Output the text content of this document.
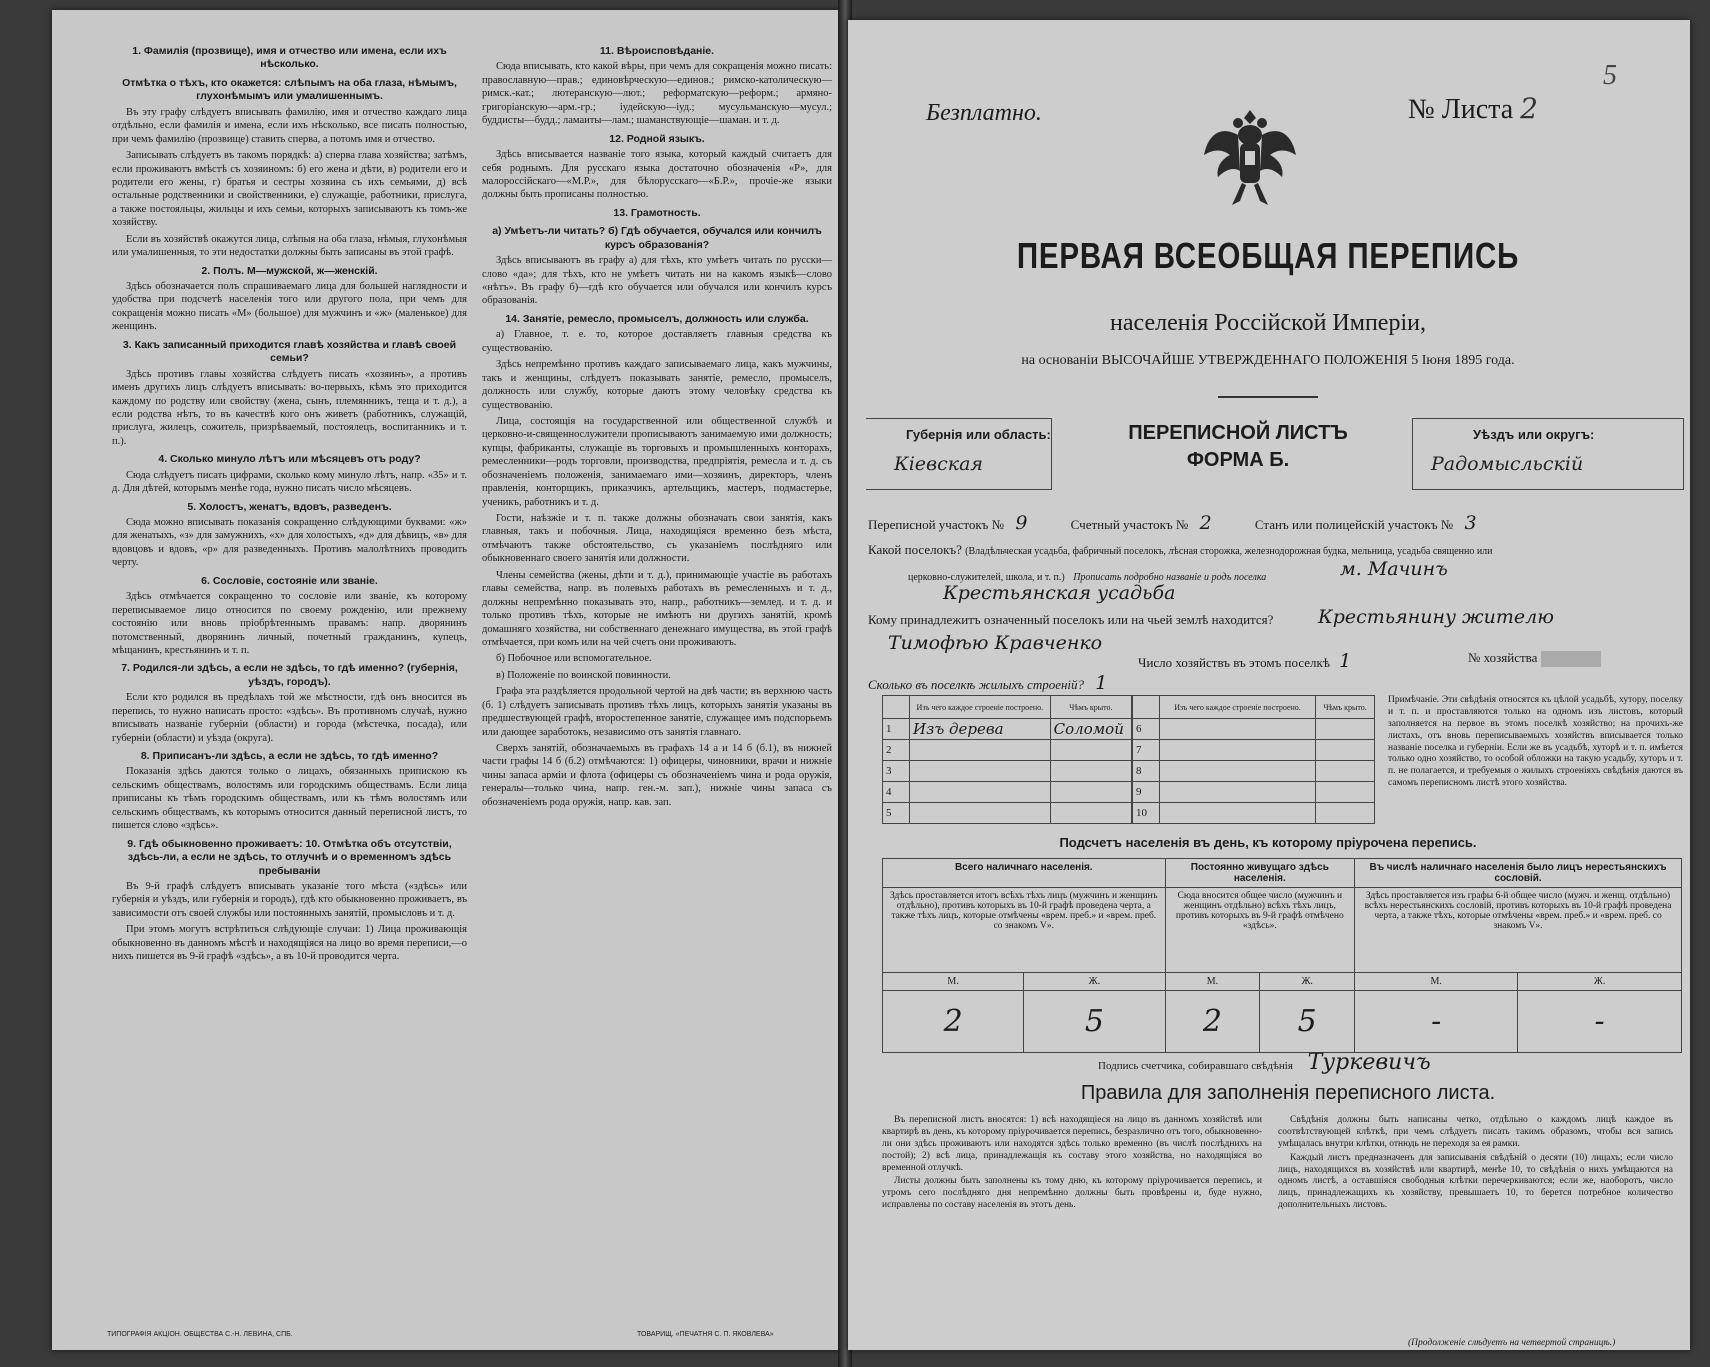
1. Фамилія (прозвище), имя и отчество или имена, если ихъ нѣсколько.
Отмѣтка о тѣхъ, кто окажется: слѣпымъ на оба глаза, нѣмымъ, глухонѣмымъ или умалишеннымъ.

Въ эту графу слѣдуетъ вписывать фамилію, имя и отчество каждаго лица отдѣльно, если фамилія и имена, если ихъ нѣсколько, все писать полностью, при чемъ фамилію (прозвище) ставить сперва, а потомъ имя и отчество.

Записывать слѣдуетъ въ такомъ порядкѣ: а) сперва глава хозяйства; затѣмъ, если проживаютъ вмѣстѣ съ хозяиномъ: б) его жена и дѣти, в) родители его и родители его жены, г) братья и сестры хозяина съ ихъ семьями, д) всѣ остальные родственники и свойственники, е) служащіе, работники, прислуга, а также постояльцы, жильцы и ихъ семьи, которыхъ записываютъ къ томъ-же хозяйству.

Если въ хозяйствѣ окажутся лица, слѣпыя на оба глаза, нѣмыя, глухонѣмыя или умалишенныя, то эти недостатки должны быть записаны въ этой графѣ.

2. Полъ. М—мужской, ж—женскій.

Здѣсь обозначается полъ спрашиваемаго лица для большей наглядности и удобства при подсчетѣ населенія того или другого пола, при чемъ для сокращенія можно писать «М» (большое) для мужчинъ и «ж» (маленькое) для женщинъ.

3. Какъ записанный приходится главѣ хозяйства и главѣ своей семьи?

Здѣсь противъ главы хозяйства слѣдуетъ писать «хозяинъ», а противъ именъ другихъ лицъ слѣдуетъ вписывать: во-первыхъ, кѣмъ это приходится каждому по родству или свойству (жена, сынъ, племянникъ, теща и т. д.), а если родства нѣтъ, то въ качествѣ кого онъ живетъ (работникъ, служащій, прислуга, жилецъ, сожитель, призрѣваемый, постоялецъ, воспитанникъ и т. п.).

4. Сколько минуло лѣтъ или мѣсяцевъ отъ роду?

Сюда слѣдуетъ писать цифрами, сколько кому минуло лѣтъ, напр. «35» и т. д. Для дѣтей, которымъ менѣе года, нужно писать число мѣсяцевъ.

5. Холостъ, женатъ, вдовъ, разведенъ.

Сюда можно вписывать показанія сокращенно слѣдующими буквами: «ж» для женатыхъ, «з» для замужнихъ, «х» для холостыхъ, «д» для дѣвицъ, «в» для вдовцовъ и вдовъ, «р» для разведенныхъ. Противъ малолѣтнихъ проводить черту.

6. Сословіе, состояніе или званіе.

Здѣсь отмѣчается сокращенно то сословіе или званіе, къ которому переписываемое лицо относится по своему рожденію, или прежнему состоянію или вновь пріобрѣтеннымъ правамъ: напр. дворянинъ потомственный, дворянинъ личный, почетный гражданинъ, купецъ, мѣщанинъ, крестьянинъ и т. п.

7. Родился-ли здѣсь, а если не здѣсь, то гдѣ именно? (губернія, уѣздъ, городъ).

Если кто родился въ предѣлахъ той же мѣстности, гдѣ онъ вносится въ перепись, то нужно написать просто: «здѣсь». Въ противномъ случаѣ, нужно вписывать названіе губерніи (области) и города (мѣстечка, посада), или губерніи (области) и уѣзда (округа).

8. Приписанъ-ли здѣсь, а если не здѣсь, то гдѣ именно?

Показанія здѣсь даются только о лицахъ, обязанныхъ припискою къ сельскимъ обществамъ, волостямъ или городскимъ обществамъ. Если лица приписаны къ тѣмъ городскимъ обществамъ, или къ тѣмъ волостямъ или сельскимъ обществамъ, къ которымъ относится данный переписной листъ, то пишется слово «здѣсь».

9. Гдѣ обыкновенно проживаетъ: 10. Отмѣтка объ отсутствіи, здѣсь-ли, а если не здѣсь, то отлучнѣ и о временномъ здѣсь пребываніи

Въ 9-й графѣ слѣдуетъ вписывать указаніе того мѣста («здѣсь» или губернія и уѣздъ, или губернія и городъ), гдѣ кто обыкновенно проживаетъ, въ зависимости отъ своей службы или постоянныхъ занятій, промысловъ и т. д.

При этомъ могутъ встрѣтиться слѣдующіе случаи: 1) Лица проживающія обыкновенно въ данномъ мѣстѣ и находящіяся на лицо во время переписи,—о нихъ пишется въ 9-й графѣ «здѣсь», а въ 10-й проводится черта.

11. Вѣроисповѣданіе.

Сюда вписывать, кто какой вѣры, при чемъ для сокращенія можно писать: православную—прав.; единовѣрческую—единов.; римско-католическую—римск.-кат.; лютеранскую—лют.; реформатскую—реформ.; армяно-григоріанскую—арм.-гр.; іудейскую—іуд.; мусульманскую—мусул.; буддисты—будд.; ламаиты—лам.; шаманствующіе—шаман. и т. д.

12. Родной языкъ.

Здѣсь вписывается названіе того языка, который каждый считаетъ для себя роднымъ. Для русскаго языка достаточно обозначенія «Р», для малороссійскаго—«М.Р.», для бѣлорусскаго—«Б.Р.», прочіе-же языки должны быть прописаны полностью.

13. Грамотность.
а) Умѣетъ-ли читать? б) Гдѣ обучается, обучался или кончилъ курсъ образованія?

Здѣсь вписываютъ въ графу а) для тѣхъ, кто умѣетъ читать по русски—слово «да»; для тѣхъ, кто не умѣетъ читать ни на какомъ языкѣ—слово «нѣтъ». Въ графу б)—гдѣ кто обучается или обучался или кончилъ курсъ образованія.

14. Занятіе, ремесло, промыселъ, должность или служба.

а) Главное, т. е. то, которое доставляетъ главныя средства къ существованію.

Здѣсь непремѣнно противъ каждаго записываемаго лица, какъ мужчины, такъ и женщины, слѣдуетъ показывать занятіе, ремесло, промыселъ, должность или службу, которые даютъ этому человѣку средства къ существованію.

Лица, состоящія на государственной или общественной службѣ и церковно-и-священнослужители прописываютъ занимаемую ими должность; купцы, фабриканты, служащіе въ торговыхъ и промышленныхъ конторахъ, ремесленники—родъ торговли, производства, предпріятія, ремесла и т. д. съ обозначеніемъ положенія, занимаемаго ими—хозяинъ, директоръ, членъ правленія, конторщикъ, приказчикъ, артельщикъ, мастеръ, подмастерье, ученикъ, работникъ и т. д.

Гости, наѣзжіе и т. п. также должны обозначать свои занятія, какъ главныя, такъ и побочныя. Лица, находящіяся временно безъ мѣста, отмѣчаютъ также обстоятельство, съ указаніемъ послѣдняго или обыкновеннаго своего занятія или должности.

Члены семейства (жены, дѣти и т. д.), принимающіе участіе въ работахъ главы семейства, напр. въ полевыхъ работахъ въ ремесленныхъ и т. д., должны непремѣнно показывать это, напр., работникъ—землед. и т. д. и только противъ тѣхъ, которые не имѣютъ ни другихъ занятій, кромѣ домашняго хозяйства, ни собственнаго денежнаго имущества, въ этой графѣ отмѣчается, при комъ или на чей счетъ они проживаютъ.

б) Побочное или вспомогательное.

в) Положеніе по воинской повинности.

Графа эта раздѣляется продольной чертой на двѣ части; въ верхнюю часть (б. 1) слѣдуетъ записывать противъ тѣхъ лицъ, которыхъ занятія указаны въ предшествующей графѣ, второстепенное занятіе, служащее имъ подспорьемъ или дающее заработокъ, независимо отъ занятія главнаго.

Сверхъ занятій, обозначаемыхъ въ графахъ 14 а и 14 б (б.1), въ нижней части графы 14 б (б.2) отмѣчаются: 1) офицеры, чиновники, врачи и нижніе чины запаса арміи и флота (офицеры съ обозначеніемъ чина и рода оружія, генералы—только чина, напр. ген.-м. зап.), нижніе чины запаса съ обозначеніемъ рода оружія, напр. кав. зап.

ТИПОГРАФІЯ АКЦІОН. ОБЩЕСТВА С.-Н. ЛЕВИНА, СПБ.	ТОВАРИЩ. «ПЕЧАТНЯ С. П. ЯКОВЛЕВА»
5
Безплатно.	№ Листа 2
ПЕРВАЯ ВСЕОБЩАЯ ПЕРЕПИСЬ
населенія Россійской Имперіи,
на основаніи ВЫСОЧАЙШЕ УТВЕРЖДЕННАГО ПОЛОЖЕНІЯ 5 Іюня 1895 года.
Губернія или область:
Кіевская
ПЕРЕПИСНОЙ ЛИСТЪ
ФОРМА Б.
Уѣздъ или округъ:
Радомысльскій
Переписной участокъ № 9	Счетный участокъ № 2	Станъ или полицейскій участокъ № 3
Какой поселокъ? (Владѣльческая усадьба, фабричный поселокъ, лѣсная сторожка, железнодорожная будка, мельница, усадьба священно или
церковно-служителей, школа, и т. п.) Прописать подробно названіе и родъ поселка	м. Мачинъ
Крестьянская усадьба
Кому принадлежитъ означенный поселокъ или на чьей землѣ находится? Крестьянину жителю
Тимофѣю Кравченко
Число хозяйствъ въ этомъ поселкѣ 1	№ хозяйства
Сколько въ поселкѣ жилыхъ строеній? 1
	Изъ чего каждое строеніе построено.	Чѣмъ крыто.
1	Изъ дерева	Соломой
2		
3		
4		
5		
	Изъ чего каждое строеніе построено.	Чѣмъ крыто.
6		
7		
8		
9		
10		
Примѣчаніе. Эти свѣдѣнія относятся къ цѣлой усадьбѣ, хутору, поселку и т. п. и проставляются только на одномъ изъ листовъ, который заполняется на первое въ этомъ поселкѣ хозяйство; на прочихъ-же листахъ, отъ вновь переписываемыхъ хозяйствъ вписывается только названіе поселка и губерніи. Если же въ усадьбѣ, хуторѣ и т. п. имѣется только одно хозяйство, то особой обложки на такую усадьбу, хуторъ и т. п. не полагается, и требуемыя о жилыхъ строеніяхъ свѣдѣнія даются въ самомъ переписномъ листѣ этого хозяйства.
Подсчетъ населенія въ день, къ которому пріурочена перепись.
Всего наличнаго населенія.		Постоянно живущаго здѣсь населенія.		Въ числѣ наличнаго населенія было лицъ нерестьянскихъ сословій.	
Здѣсь проставляется итогъ всѣхъ тѣхъ лицъ (мужчинъ и женщинъ отдѣльно), противъ которыхъ въ 10-й графѣ проведена черта, а также тѣхъ лицъ, которые отмѣчены «врем. преб.» и «врем. преб. со знакомъ V».		Сюда вносится общее число (мужчинъ и женщинъ отдѣльно) всѣхъ тѣхъ лицъ, противъ которыхъ въ 9-й графѣ отмѣчено «здѣсь».		Здѣсь проставляется изъ графы 6-й общее число (мужч. и женщ. отдѣльно) всѣхъ нерестьянскихъ сословій, противъ которыхъ въ 10-й графѣ проведена черта, а также тѣхъ, которые отмѣчены «врем. преб.» и «врем. преб. со знакомъ V».	
М.	Ж.	М.	Ж.	М.	Ж.
2	5	2	5	-	-
Подпись счетчика, собиравшаго свѣдѣнія Туркевичъ
Правила для заполненія переписного листа.

Въ переписной листъ вносятся: 1) всѣ находящіеся на лицо въ данномъ хозяйствѣ или квартирѣ въ день, къ которому пріурочивается перепись, безразлично отъ того, обыкновенно-ли они здѣсь проживаютъ или находятся здѣсь только временно (въ числѣ послѣднихъ на постой); 2) всѣ лица, принадлежащія къ составу этого хозяйства, но находящіяся во временной отлучкѣ.

Листы должны быть заполнены къ тому дню, къ которому пріурочивается перепись, и утромъ сего послѣдняго дня непремѣнно должны быть провѣрены и, буде нужно, исправлены по составу населенія въ этотъ день.

Свѣдѣнія должны быть написаны четко, отдѣльно о каждомъ лицѣ каждое въ соотвѣтствующей клѣткѣ, при чемъ слѣдуетъ писать такимъ образомъ, чтобы вся запись умѣщалась внутри клѣтки, отнюдь не переходя за ея рамки.

Каждый листъ предназначенъ для записыванія свѣдѣній о десяти (10) лицахъ; если число лицъ, находящихся въ хозяйствѣ или квартирѣ, менѣе 10, то свѣдѣнія о нихъ умѣщаются на одномъ листѣ, а оставшіяся свободныя клѣтки перечеркиваются; если же, наоборотъ, число лицъ, принадлежащихъ къ хозяйству, превышаетъ 10, то берется потребное количество дополнительныхъ листовъ.

(Продолженіе слѣдуетъ на четвертой страницѣ.)
